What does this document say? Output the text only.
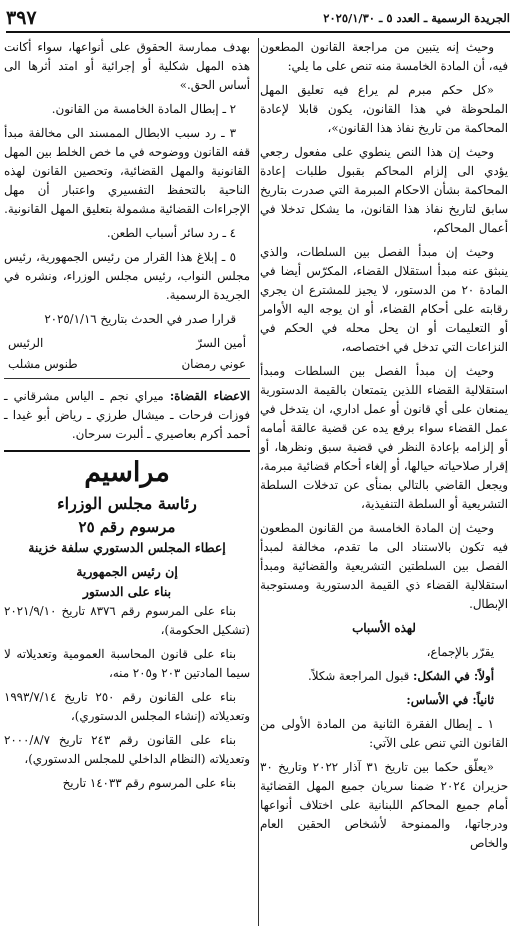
الجريدة الرسمية ـ العدد ٥ ـ ٢٠٢٥/١/٣٠
٣٩٧

وحيث إنه يتبين من مراجعة القانون المطعون فيه، أن المادة الخامسة منه تنص على ما يلي:

«كل حكم مبرم لم يراع فيه تعليق المهل الملحوظة في هذا القانون، يكون قابلا لإعادة المحاكمة من تاريخ نفاذ هذا القانون»،

وحيث إن هذا النص ينطوي على مفعول رجعي يؤدي الى إلزام المحاكم بقبول طلبات إعادة المحاكمة بشأن الاحكام المبرمة التي صدرت بتاريخ سابق لتاريخ نفاذ هذا القانون، ما يشكل تدخلا في أعمال المحاكم،

وحيث إن مبدأ الفصل بين السلطات، والذي ينبثق عنه مبدأ استقلال القضاء، المكرّس أيضا في المادة ٢٠ من الدستور، لا يجيز للمشترع ان يجري رقابته على أحكام القضاء، أو ان يوجه اليه الأوامر أو التعليمات أو ان يحل محله في الحكم في النزاعات التي تدخل في اختصاصه،

وحيث إن مبدأ الفصل بين السلطات ومبدأ استقلالية القضاء اللذين يتمتعان بالقيمة الدستورية يمنعان على أي قانون أو عمل اداري، ان يتدخل في عمل القضاء سواء برفع يده عن قضية عالقة أمامه أو إلزامه بإعادة النظر في قضية سبق ونظرها، أو إقرار صلاحياته حيالها، أو إلغاء أحكام قضائية مبرمة، ويجعل القاضي بالتالي بمنأى عن تدخلات السلطة التشريعية أو السلطة التنفيذية،

وحيث إن المادة الخامسة من القانون المطعون فيه تكون بالاستناد الى ما تقدم، مخالفة لمبدأ الفصل بين السلطتين التشريعية والقضائية ومبدأ استقلالية القضاء ذي القيمة الدستورية ومستوجبة الإبطال.

لهذه الأسباب

يقرّر بالإجماع،

أولاً: في الشكل: قبول المراجعة شكلاً.

ثانياً: في الأساس:

١ ـ إبطال الفقرة الثانية من المادة الأولى من القانون التي تنص على الآتي:

«يعلّق حكما بين تاريخ ٣١ آذار ٢٠٢٢ وتاريخ ٣٠ حزيران ٢٠٢٤ ضمنا سريان جميع المهل القضائية أمام جميع المحاكم اللبنانية على اختلاف أنواعها ودرجاتها، والممنوحة لأشخاص الحقين العام والخاص

بهدف ممارسة الحقوق على أنواعها، سواء أكانت هذه المهل شكلية أو إجرائية أو امتد أثرها الى أساس الحق.»

٢ ـ إبطال المادة الخامسة من القانون.

٣ ـ رد سبب الابطال الممسند الى مخالفة مبدأ قفه القانون ووضوحه في ما خص الخلط بين المهل القانونية والمهل القضائية، وتحصين القانون لهذه الناحية بالتحفظ التفسيري واعتبار أن مهل الإجراءات القضائية مشمولة بتعليق المهل القانونية.

٤ ـ رد سائر أسباب الطعن.

٥ ـ إبلاغ هذا القرار من رئيس الجمهورية، رئيس مجلس النواب، رئيس مجلس الوزراء، ونشره في الجريدة الرسمية.

قرارا صدر في الحدث بتاريخ ٢٠٢٥/١/١٦

أمين السرّ
الرئيس
عوني رمضان
طنوس مشلب

الاعضاء القضاة: ميراي نجم ـ الياس مشرقاني ـ فوزات فرحات ـ ميشال طرزي ـ رياض أبو غيدا ـ أحمد أكرم بعاصيري ـ ألبرت سرحان.

مراسيم
رئاسة مجلس الوزراء
مرسوم رقم ٢٥
إعطاء المجلس الدستوري سلفة خزينة
إن رئيس الجمهورية
بناء على الدستور

بناء على المرسوم رقم ٨٣٧٦ تاريخ ٢٠٢١/٩/١٠ (تشكيل الحكومة)،

بناء على قانون المحاسبة العمومية وتعديلاته لا سيما المادتين ٢٠٣ و٢٠٥ منه،

بناء على القانون رقم ٢٥٠ تاريخ ١٩٩٣/٧/١٤ وتعديلاته (إنشاء المجلس الدستوري)،

بناء على القانون رقم ٢٤٣ تاريخ ٢٠٠٠/٨/٧ وتعديلاته (النظام الداخلي للمجلس الدستوري)،

بناء على المرسوم رقم ١٤٠٣٣ تاريخ
